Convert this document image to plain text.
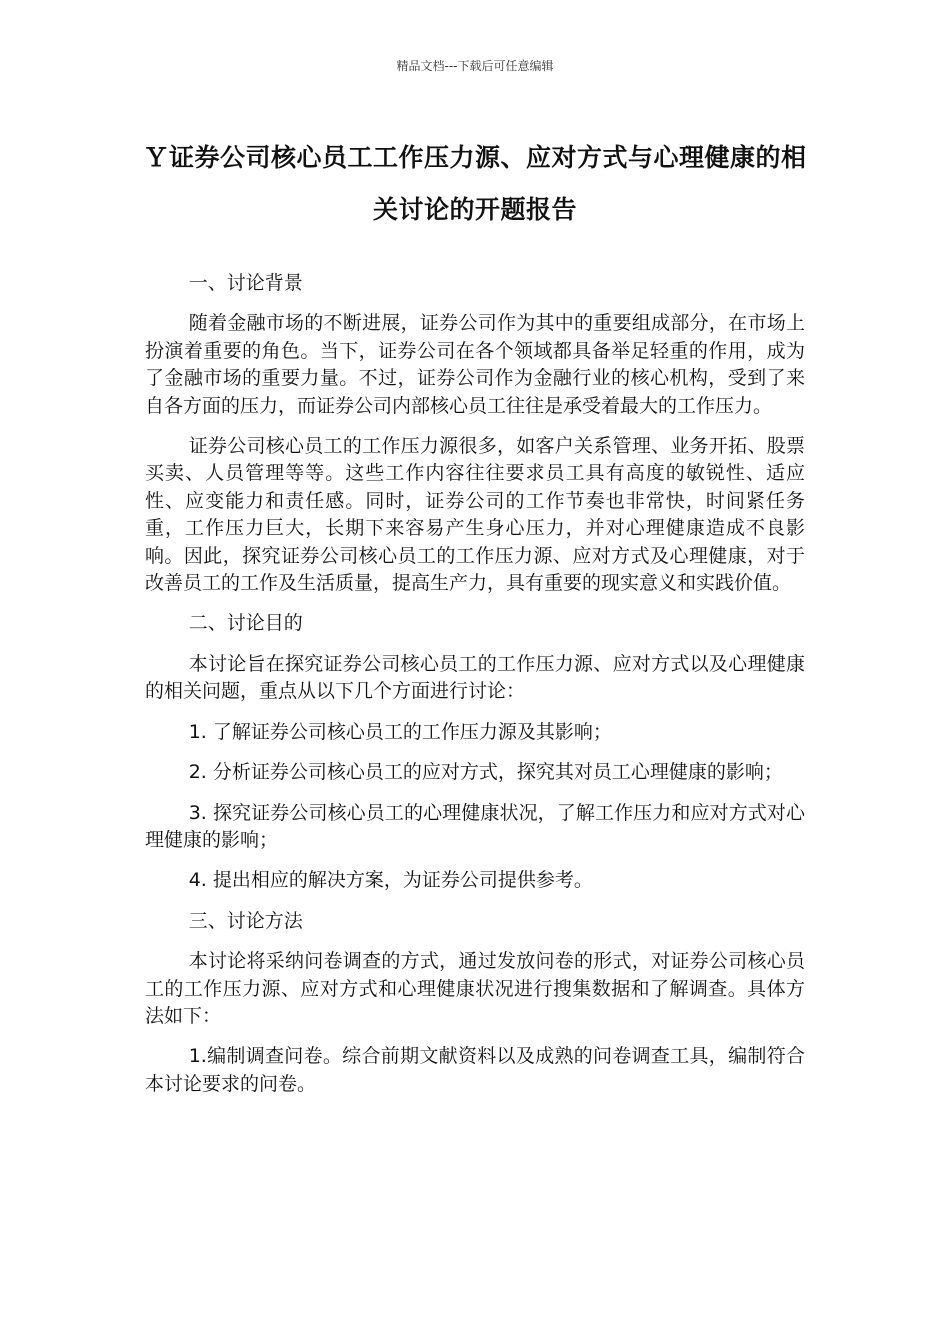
精品文档---下载后可任意编辑
Ｙ证券公司核心员工工作压力源、应对方式与心理健康的相关讨论的开题报告

一、讨论背景

随着金融市场的不断进展，证券公司作为其中的重要组成部分，在市场上扮演着重要的角色。当下，证券公司在各个领域都具备举足轻重的作用，成为了金融市场的重要力量。不过，证券公司作为金融行业的核心机构，受到了来自各方面的压力，而证券公司内部核心员工往往是承受着最大的工作压力。

证券公司核心员工的工作压力源很多，如客户关系管理、业务开拓、股票买卖、人员管理等等。这些工作内容往往要求员工具有高度的敏锐性、适应性、应变能力和责任感。同时，证券公司的工作节奏也非常快，时间紧任务重，工作压力巨大，长期下来容易产生身心压力，并对心理健康造成不良影响。因此，探究证券公司核心员工的工作压力源、应对方式及心理健康，对于改善员工的工作及生活质量，提高生产力，具有重要的现实意义和实践价值。

二、讨论目的

本讨论旨在探究证券公司核心员工的工作压力源、应对方式以及心理健康的相关问题，重点从以下几个方面进行讨论：

1. 了解证券公司核心员工的工作压力源及其影响；

2. 分析证券公司核心员工的应对方式，探究其对员工心理健康的影响；

3. 探究证券公司核心员工的心理健康状况，了解工作压力和应对方式对心理健康的影响；

4. 提出相应的解决方案，为证券公司提供参考。

三、讨论方法

本讨论将采纳问卷调查的方式，通过发放问卷的形式，对证券公司核心员工的工作压力源、应对方式和心理健康状况进行搜集数据和了解调查。具体方法如下：

1.编制调查问卷。综合前期文献资料以及成熟的问卷调查工具，编制符合本讨论要求的问卷。
